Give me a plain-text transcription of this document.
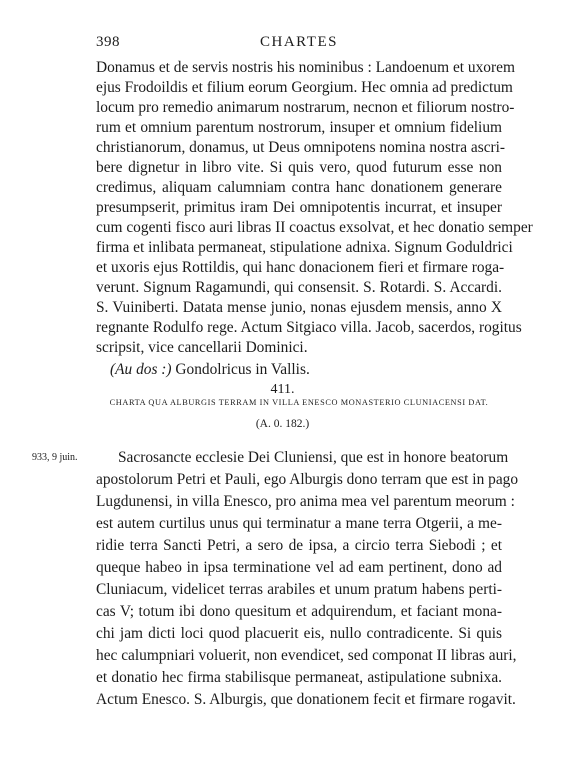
398	CHARTES
Donamus et de servis nostris his nominibus : Landoenum et uxorem
ejus Frodoildis et filium eorum Georgium. Hec omnia ad predictum
locum pro remedio animarum nostrarum, necnon et filiorum nostro-
rum et omnium parentum nostrorum, insuper et omnium fidelium
christianorum, donamus, ut Deus omnipotens nomina nostra ascri-
bere dignetur in libro vite. Si quis vero, quod futurum esse non
credimus, aliquam calumniam contra hanc donationem generare
presumpserit, primitus iram Dei omnipotentis incurrat, et insuper
cum cogenti fisco auri libras II coactus exsolvat, et hec donatio semper
firma et inlibata permaneat, stipulatione adnixa. Signum Goduldrici
et uxoris ejus Rottildis, qui hanc donacionem fieri et firmare roga-
verunt. Signum Ragamundi, qui consensit. S. Rotardi. S. Accardi.
S. Vuiniberti. Datata mense junio, nonas ejusdem mensis, anno X
regnante Rodulfo rege. Actum Sitgiaco villa. Jacob, sacerdos, rogitus
scripsit, vice cancellarii Dominici.
(Au dos :) Gondolricus in Vallis.
411.
CHARTA QUA ALBURGIS TERRAM IN VILLA ENESCO MONASTERIO CLUNIACENSI DAT.
(A. 0. 182.)
933, 9 juin.	Sacrosancte ecclesie Dei Cluniensi, que est in honore beatorum
apostolorum Petri et Pauli, ego Alburgis dono terram que est in pago
Lugdunensi, in villa Enesco, pro anima mea vel parentum meorum :
est autem curtilus unus qui terminatur a mane terra Otgerii, a me-
ridie terra Sancti Petri, a sero de ipsa, a circio terra Siebodi ; et
queque habeo in ipsa terminatione vel ad eam pertinent, dono ad
Cluniacum, videlicet terras arabiles et unum pratum habens perti-
cas V; totum ibi dono quesitum et adquirendum, et faciant mona-
chi jam dicti loci quod placuerit eis, nullo contradicente. Si quis
hec calumpniari voluerit, non evendicet, sed componat II libras auri,
et donatio hec firma stabilisque permaneat, astipulatione subnixa.
Actum Enesco. S. Alburgis, que donationem fecit et firmare rogavit.
